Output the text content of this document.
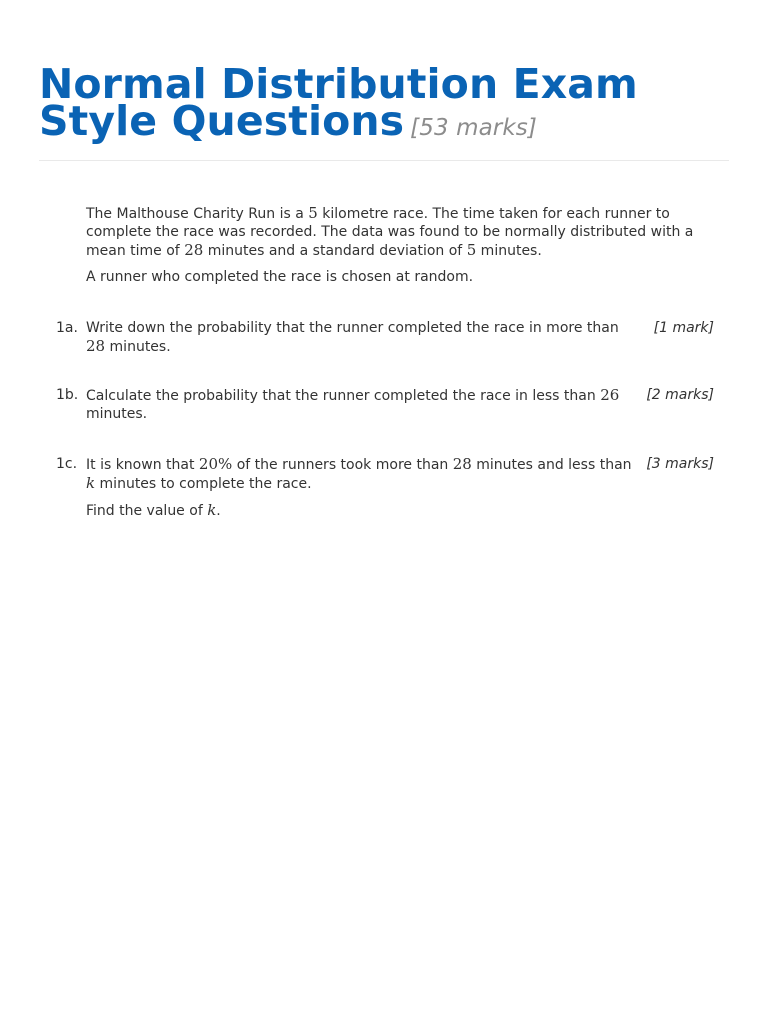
Normal Distribution Exam Style Questions [53 marks]

The Malthouse Charity Run is a 5 kilometre race. The time taken for each runner to complete the race was recorded. The data was found to be normally distributed with a mean time of 28 minutes and a standard deviation of 5 minutes.

A runner who completed the race is chosen at random.

1a. Write down the probability that the runner completed the race in more than 28 minutes.

[1 mark]
1b. Calculate the probability that the runner completed the race in less than 26 minutes.

[2 marks]
1c. It is known that 20% of the runners took more than 28 minutes and less than k minutes to complete the race.

Find the value of k.

[3 marks]
